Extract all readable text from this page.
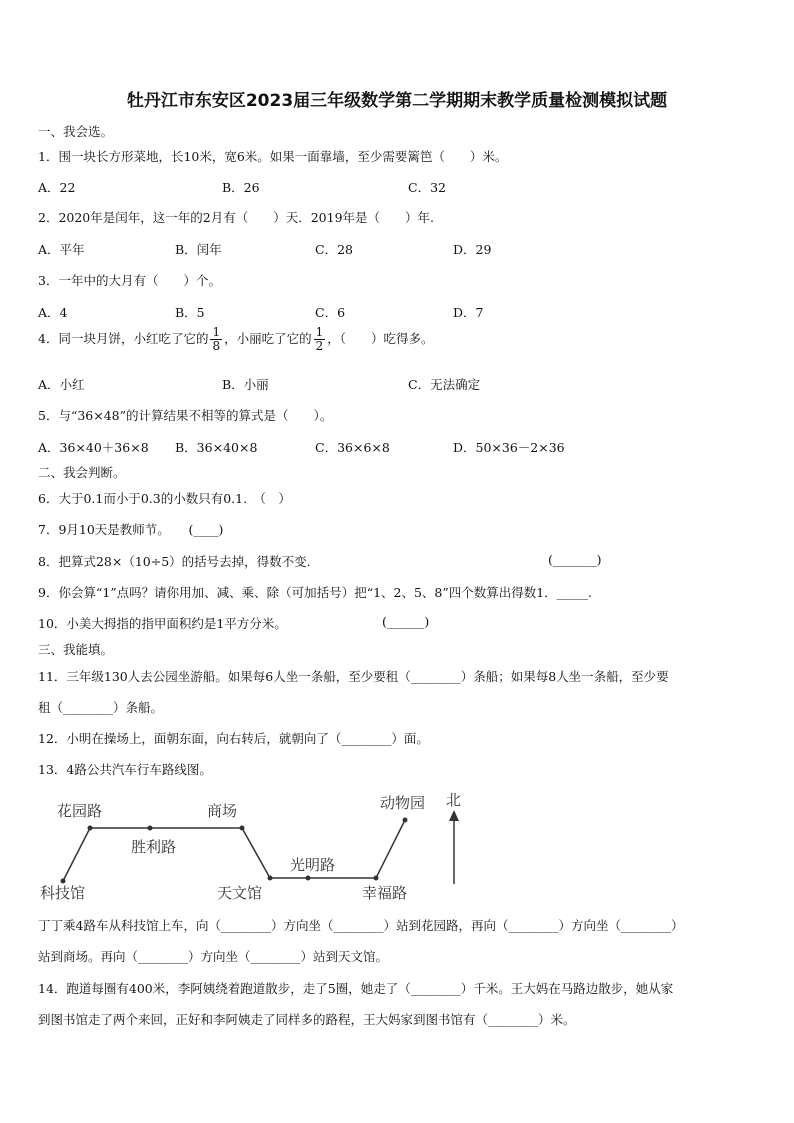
牡丹江市东安区2023届三年级数学第二学期期末教学质量检测模拟试题
一、我会选。
1．围一块长方形菜地，长10米，宽6米。如果一面靠墙，至少需要篱笆（　　）米。
A．22	B．26	C．32
2．2020年是闰年，这一年的2月有（　　）天．2019年是（　　）年.
A．平年	B．闰年	C．28	D．29
3．一年中的大月有（　　）个。
A．4	B．5	C．6	D．7
4．同一块月饼，小红吃了它的 $\frac{1}{8}$ ，小丽吃了它的 $\frac{1}{2}$ ，（　　）吃得多。
A．小红	B．小丽	C．无法确定
5．与“36×48”的计算结果不相等的算式是（　　）。
A．36×40＋36×8 B．36×40×8	C．36×6×8	D．50×36－2×36
二、我会判断。
6．大于0.1而小于0.3的小数只有0.1.　（　）
7．9月10天是教师节。　　(____)
8．把算式28×（10÷5）的括号去掉，得数不变.	(_______)
9．你会算“1”点吗？请你用加、减、乘、除（可加括号）把“1、2、5、8”四个数算出得数1．_____.
10．小美大拇指的指甲面积约是1平方分米。	(______)
三、我能填。
11．三年级130人去公园坐游船。如果每6人坐一条船，至少要租（________）条船；如果每8人坐一条船，至少要
租（________）条船。
12．小明在操场上，面朝东面，向右转后，就朝向了（________）面。
13．4路公共汽车行车路线图。
花园路	商场
胜利路
科技馆	天文馆
光明路
幸福路
动物园 北
丁丁乘4路车从科技馆上车，向（________）方向坐（________）站到花园路，再向（________）方向坐（________）
站到商场。再向（________）方向坐（________）站到天文馆。
14．跑道每圈有400米，李阿姨绕着跑道散步，走了5圈，她走了（________）千米。王大妈在马路边散步，她从家
到图书馆走了两个来回，正好和李阿姨走了同样多的路程，王大妈家到图书馆有（________）米。
